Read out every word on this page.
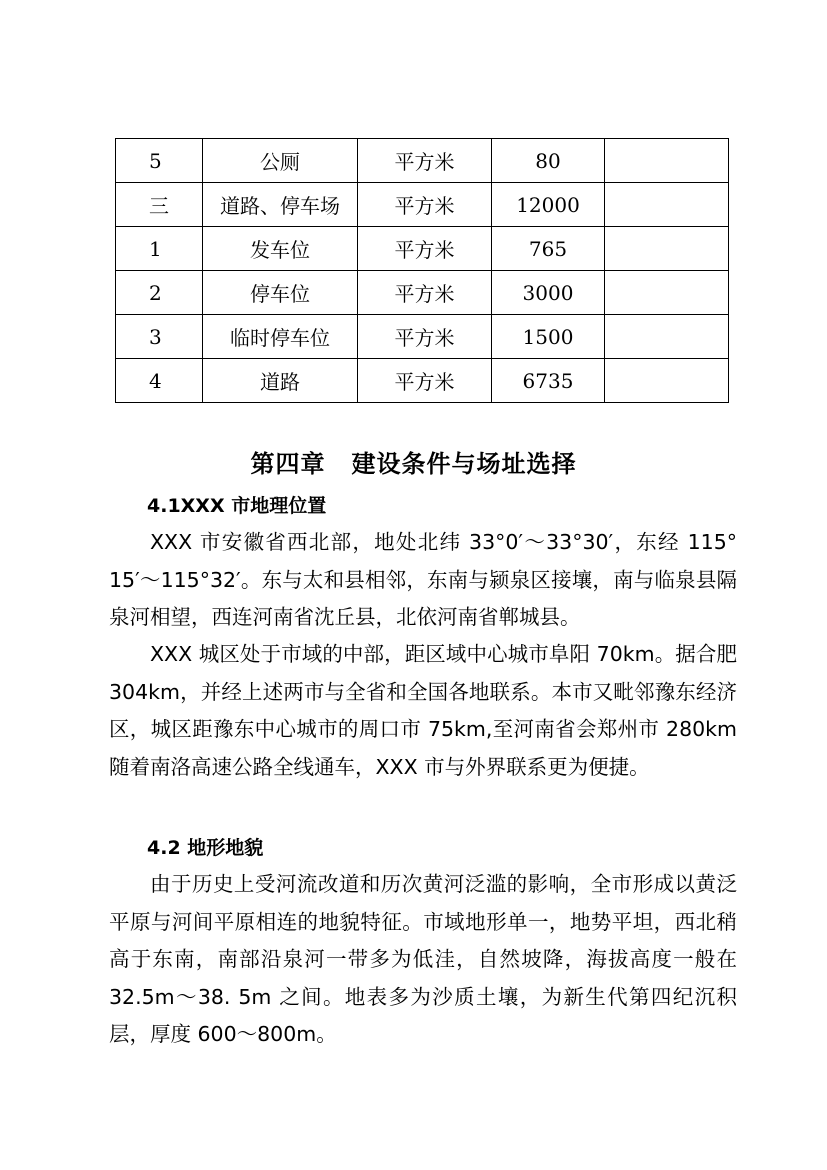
5	公厕	平方米	80	
三	道路、停车场	平方米	12000	
1	发车位	平方米	765	
2	停车位	平方米	3000	
3	临时停车位	平方米	1500	
4	道路	平方米	6735	
第四章 建设条件与场址选择
4.1XXX 市地理位置
XXX 市安徽省西北部，地处北纬 33°0′～33°30′，东经 115° 15′～115°32′。东与太和县相邻，东南与颍泉区接壤，南与临泉县隔泉河相望，西连河南省沈丘县，北依河南省郸城县。
XXX 城区处于市域的中部，距区域中心城市阜阳 70km。据合肥 304km，并经上述两市与全省和全国各地联系。本市又毗邻豫东经济区，城区距豫东中心城市的周口市 75km,至河南省会郑州市 280km 随着南洛高速公路全线通车，XXX 市与外界联系更为便捷。
4.2 地形地貌
由于历史上受河流改道和历次黄河泛滥的影响，全市形成以黄泛平原与河间平原相连的地貌特征。市域地形单一，地势平坦，西北稍高于东南，南部沿泉河一带多为低洼，自然坡降，海拔高度一般在 32.5m～38. 5m 之间。地表多为沙质土壤，为新生代第四纪沉积层，厚度 600～800m。
